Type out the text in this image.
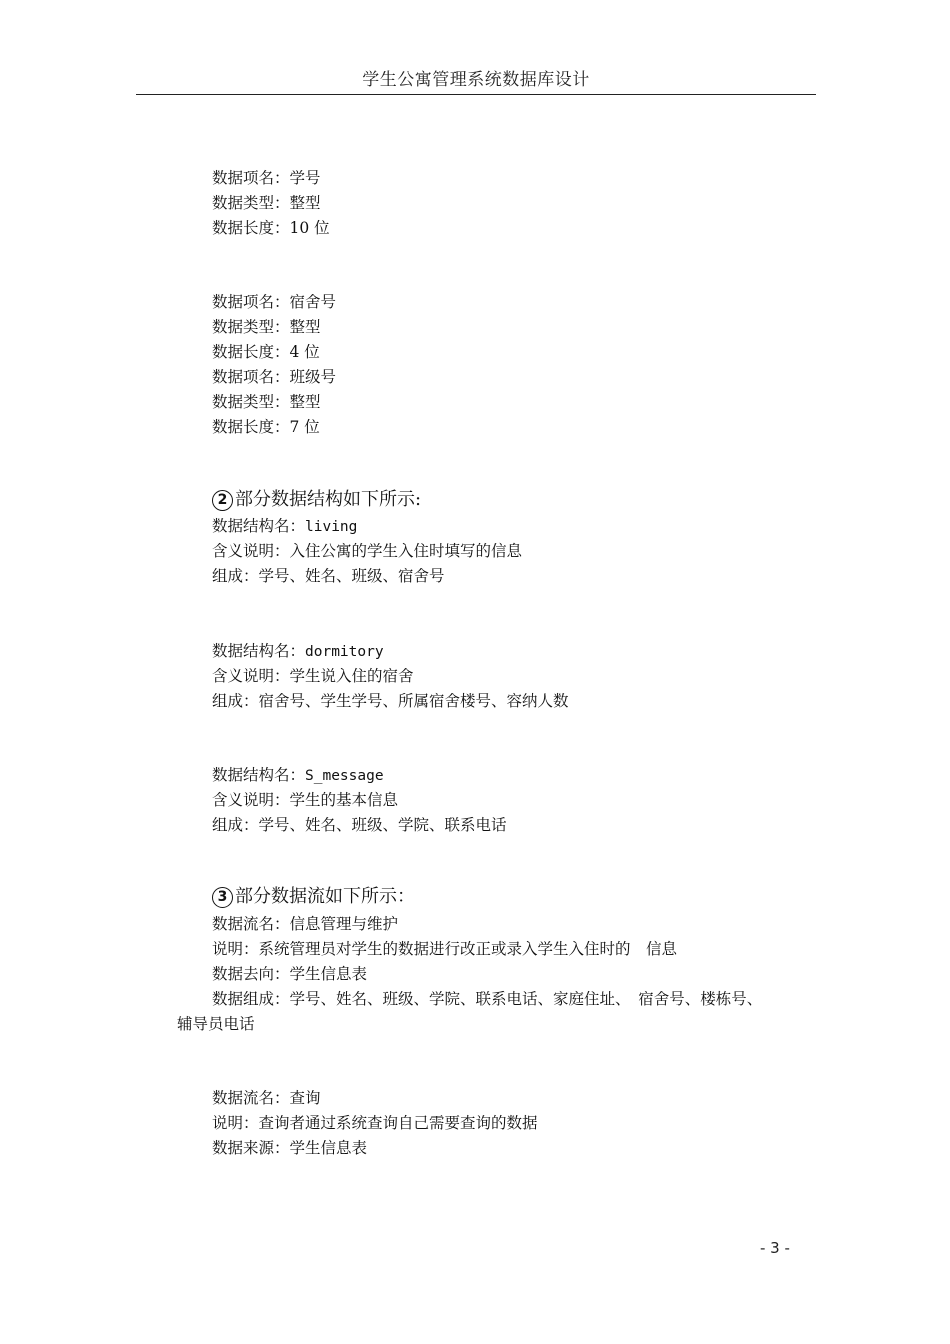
学生公寓管理系统数据库设计
数据项名：学号
数据类型：整型
数据长度：10 位
数据项名：宿舍号
数据类型：整型
数据长度：4 位
数据项名：班级号
数据类型：整型
数据长度：7 位
2 部分数据结构如下所示:
数据结构名：living
含义说明：入住公寓的学生入住时填写的信息
组成：学号、姓名、班级、宿舍号
数据结构名：dormitory
含义说明：学生说入住的宿舍
组成：宿舍号、学生学号、所属宿舍楼号、容纳人数
数据结构名：S_message
含义说明：学生的基本信息
组成：学号、姓名、班级、学院、联系电话
3 部分数据流如下所示：
数据流名：信息管理与维护
说明：系统管理员对学生的数据进行改正或录入学生入住时的　信息
数据去向：学生信息表
数据组成：学号、姓名、班级、学院、联系电话、家庭住址、　宿舍号、楼栋号、
辅导员电话
数据流名：查询
说明：查询者通过系统查询自己需要查询的数据
数据来源：学生信息表
- 3 -
